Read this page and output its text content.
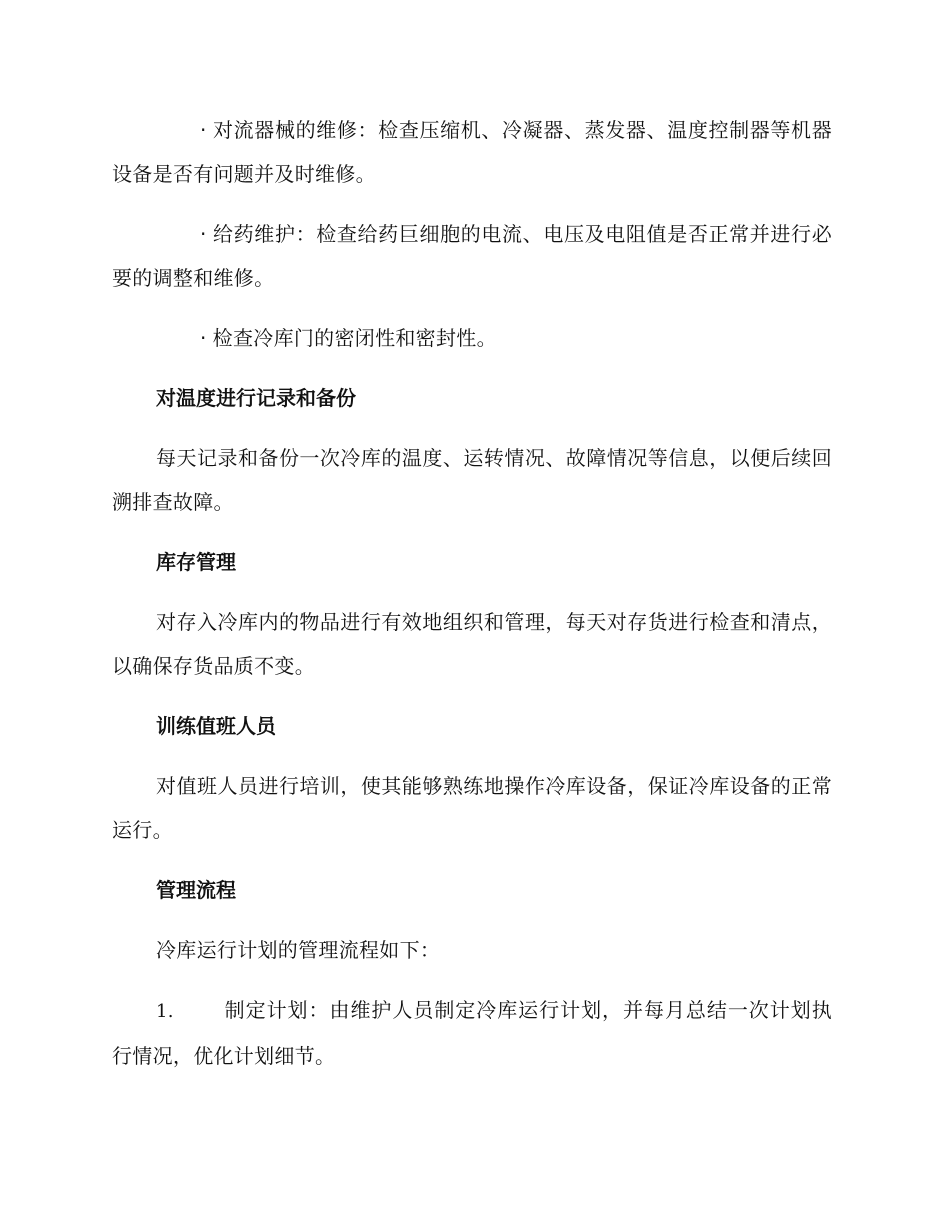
· 对流器械的维修：检查压缩机、冷凝器、蒸发器、温度控制器等机器设备是否有问题并及时维修。

· 给药维护：检查给药巨细胞的电流、电压及电阻值是否正常并进行必要的调整和维修。

· 检查冷库门的密闭性和密封性。

对温度进行记录和备份

每天记录和备份一次冷库的温度、运转情况、故障情况等信息，以便后续回溯排查故障。

库存管理

对存入冷库内的物品进行有效地组织和管理，每天对存货进行检查和清点，以确保存货品质不变。

训练值班人员

对值班人员进行培训，使其能够熟练地操作冷库设备，保证冷库设备的正常运行。

管理流程

冷库运行计划的管理流程如下：

1.	制定计划：由维护人员制定冷库运行计划，并每月总结一次计划执行情况，优化计划细节。
